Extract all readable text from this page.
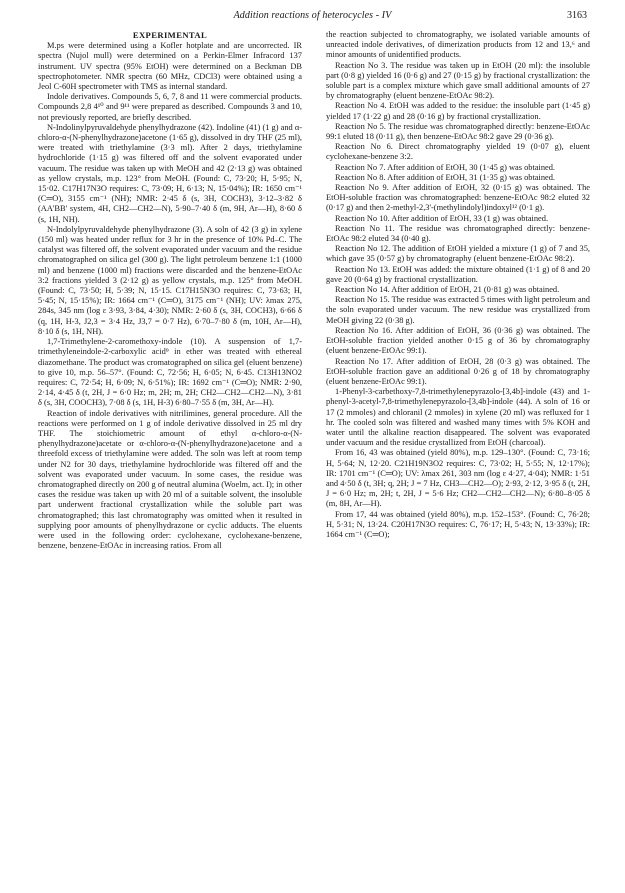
Addition reactions of heterocycles - IV	3163
EXPERIMENTAL

M.ps were determined using a Kofler hotplate and are uncorrected. IR spectra (Nujol mull) were determined on a Perkin-Elmer Infracord 137 instrument. UV spectra (95% EtOH) were determined on a Beckman DB spectrophotometer. NMR spectra (60 MHz, CDCl3) were obtained using a Jeol C-60H spectrometer with TMS as internal standard.

Indole derivatives. Compounds 5, 6, 7, 8 and 11 were commercial products. Compounds 2,8 4¹⁰ and 9¹¹ were prepared as described. Compounds 3 and 10, not previously reported, are briefly described.

N-Indolinylpyruvaldehyde phenylhydrazone (42). Indoline (41) (1 g) and α-chloro-α-(N-phenylhydrazone)acetone (1·65 g), dissolved in dry THF (25 ml), were treated with triethylamine (3·3 ml). After 2 days, triethylamine hydrochloride (1·15 g) was filtered off and the solvent evaporated under vacuum. The residue was taken up with MeOH and 42 (2·13 g) was obtained as yellow crystals, m.p. 123° from MeOH. (Found: C, 73·20; H, 5·95; N, 15·02. C17H17N3O requires: C, 73·09; H, 6·13; N, 15·04%); IR: 1650 cm⁻¹ (C═O), 3155 cm⁻¹ (NH); NMR: 2·45 δ (s, 3H, COCH3), 3·12–3·82 δ (AA'BB' system, 4H, CH2—CH2—N), 5·90–7·40 δ (m, 9H, Ar—H), 8·60 δ (s, 1H, NH).

N-Indolylpyruvaldehyde phenylhydrazone (3). A soln of 42 (3 g) in xylene (150 ml) was heated under reflux for 3 hr in the presence of 10% Pd–C. The catalyst was filtered off, the solvent evaporated under vacuum and the residue chromatographed on silica gel (300 g). The light petroleum benzene 1:1 (1000 ml) and benzene (1000 ml) fractions were discarded and the benzene-EtOAc 3:2 fractions yielded 3 (2·12 g) as yellow crystals, m.p. 125° from MeOH. (Found: C, 73·50; H, 5·39; N, 15·15. C17H15N3O requires: C, 73·63; H, 5·45; N, 15·15%); IR: 1664 cm⁻¹ (C═O), 3175 cm⁻¹ (NH); UV: λmax 275, 284s, 345 nm (log ε 3·93, 3·84, 4·30); NMR: 2·60 δ (s, 3H, COCH3), 6·66 δ (q, 1H, H-3, J2,3 = 3·4 Hz, J3,7 = 0·7 Hz), 6·70–7·80 δ (m, 10H, Ar—H), 8·10 δ (s, 1H, NH).

1,7-Trimethylene-2-caromethoxy-indole (10). A suspension of 1,7-trimethyleneindole-2-carboxylic acid⁹ in ether was treated with ethereal diazomethane. The product was cromatographed on silica gel (eluent benzene) to give 10, m.p. 56–57°. (Found: C, 72·56; H, 6·05; N, 6·45. C13H13NO2 requires: C, 72·54; H, 6·09; N, 6·51%); IR: 1692 cm⁻¹ (C═O); NMR: 2·90, 2·14, 4·45 δ (t, 2H, J = 6·0 Hz; m, 2H; m, 2H; CH2—CH2—CH2—N), 3·81 δ (s, 3H, COOCH3), 7·08 δ (s, 1H, H-3) 6·80–7·55 δ (m, 3H, Ar—H).

Reaction of indole derivatives with nitrilimines, general procedure. All the reactions were performed on 1 g of indole derivative dissolved in 25 ml dry THF. The stoichiometric amount of ethyl α-chloro-α-(N-phenylhydrazone)acetate or α-chloro-α-(N-phenylhydrazone)acetone and a threefold excess of triethylamine were added. The soln was left at room temp under N2 for 30 days, triethylamine hydrochloride was filtered off and the solvent was evaporated under vacuum. In some cases, the residue was chromatographed directly on 200 g of neutral alumina (Woelm, act. I); in other cases the residue was taken up with 20 ml of a suitable solvent, the insoluble part underwent fractional crystallization while the soluble part was chromatographed; this last chromatography was omitted when it resulted in supplying poor amounts of phenylhydrazone or cyclic adducts. The eluents were used in the following order: cyclohexane, cyclohexane-benzene, benzene, benzene-EtOAc in increasing ratios. From all

the reaction subjected to chromatography, we isolated variable amounts of unreacted indole derivatives, of dimerization products from 12 and 13,⁶ and minor amounts of unidentified products.

Reaction No 3. The residue was taken up in EtOH (20 ml): the insoluble part (0·8 g) yielded 16 (0·6 g) and 27 (0·15 g) by fractional crystallization: the soluble part is a complex mixture which gave small additional amounts of 27 by chromatography (eluent benzene-EtOAc 98:2).

Reaction No 4. EtOH was added to the residue: the insoluble part (1·45 g) yielded 17 (1·22 g) and 28 (0·16 g) by fractional crystallization.

Reaction No 5. The residue was chromatographed directly: benzene-EtOAc 99:1 eluted 18 (0·11 g), then benzene-EtOAc 98:2 gave 29 (0·36 g).

Reaction No 6. Direct chromatography yielded 19 (0·07 g), eluent cyclohexane-benzene 3:2.

Reaction No 7. After addition of EtOH, 30 (1·45 g) was obtained.

Reaction No 8. After addition of EtOH, 31 (1·35 g) was obtained.

Reaction No 9. After addition of EtOH, 32 (0·15 g) was obtained. The EtOH-soluble fraction was chromatographed: benzene-EtOAc 98:2 eluted 32 (0·17 g) and then 2-methyl-2,3'-(methylindolyl)indoxyl¹² (0·1 g).

Reaction No 10. After addition of EtOH, 33 (1 g) was obtained.

Reaction No 11. The residue was chromatographed directly: benzene-EtOAc 98:2 eluted 34 (0·40 g).

Reaction No 12. The addition of EtOH yielded a mixture (1 g) of 7 and 35, which gave 35 (0·57 g) by chromatography (eluent benzene-EtOAc 98:2).

Reaction No 13. EtOH was added: the mixture obtained (1·1 g) of 8 and 20 gave 20 (0·64 g) by fractional crystallization.

Reaction No 14. After addition of EtOH, 21 (0·81 g) was obtained.

Reaction No 15. The residue was extracted 5 times with light petroleum and the soln evaporated under vacuum. The new residue was crystallized from MeOH giving 22 (0·38 g).

Reaction No 16. After addition of EtOH, 36 (0·36 g) was obtained. The EtOH-soluble fraction yielded another 0·15 g of 36 by chromatography (eluent benzene-EtOAc 99:1).

Reaction No 17. After addition of EtOH, 28 (0·3 g) was obtained. The EtOH-soluble fraction gave an additional 0·26 g of 18 by chromatography (eluent benzene-EtOAc 99:1).

1-Phenyl-3-carbethoxy-7,8-trimethylenepyrazolo-[3,4b]-indole (43) and 1-phenyl-3-acetyl-7,8-trimethylenepyrazolo-[3,4b]-indole (44). A soln of 16 or 17 (2 mmoles) and chloranil (2 mmoles) in xylene (20 ml) was refluxed for 1 hr. The cooled soln was filtered and washed many times with 5% KOH and water until the alkaline reaction disappeared. The solvent was evaporated under vacuum and the residue crystallized from EtOH (charcoal).

From 16, 43 was obtained (yield 80%), m.p. 129–130°. (Found: C, 73·16; H, 5·64; N, 12·20. C21H19N3O2 requires: C, 73·02; H, 5·55; N, 12·17%); IR: 1701 cm⁻¹ (C═O); UV: λmax 261, 303 nm (log ε 4·27, 4·04); NMR: 1·51 and 4·50 δ (t, 3H; q, 2H; J = 7 Hz, CH3—CH2—O); 2·93, 2·12, 3·95 δ (t, 2H, J = 6·0 Hz; m, 2H; t, 2H, J = 5·6 Hz; CH2—CH2—CH2—N); 6·80–8·05 δ (m, 8H, Ar—H).

From 17, 44 was obtained (yield 80%), m.p. 152–153°. (Found: C, 76·28; H, 5·31; N, 13·24. C20H17N3O requires: C, 76·17; H, 5·43; N, 13·33%); IR: 1664 cm⁻¹ (C═O);
